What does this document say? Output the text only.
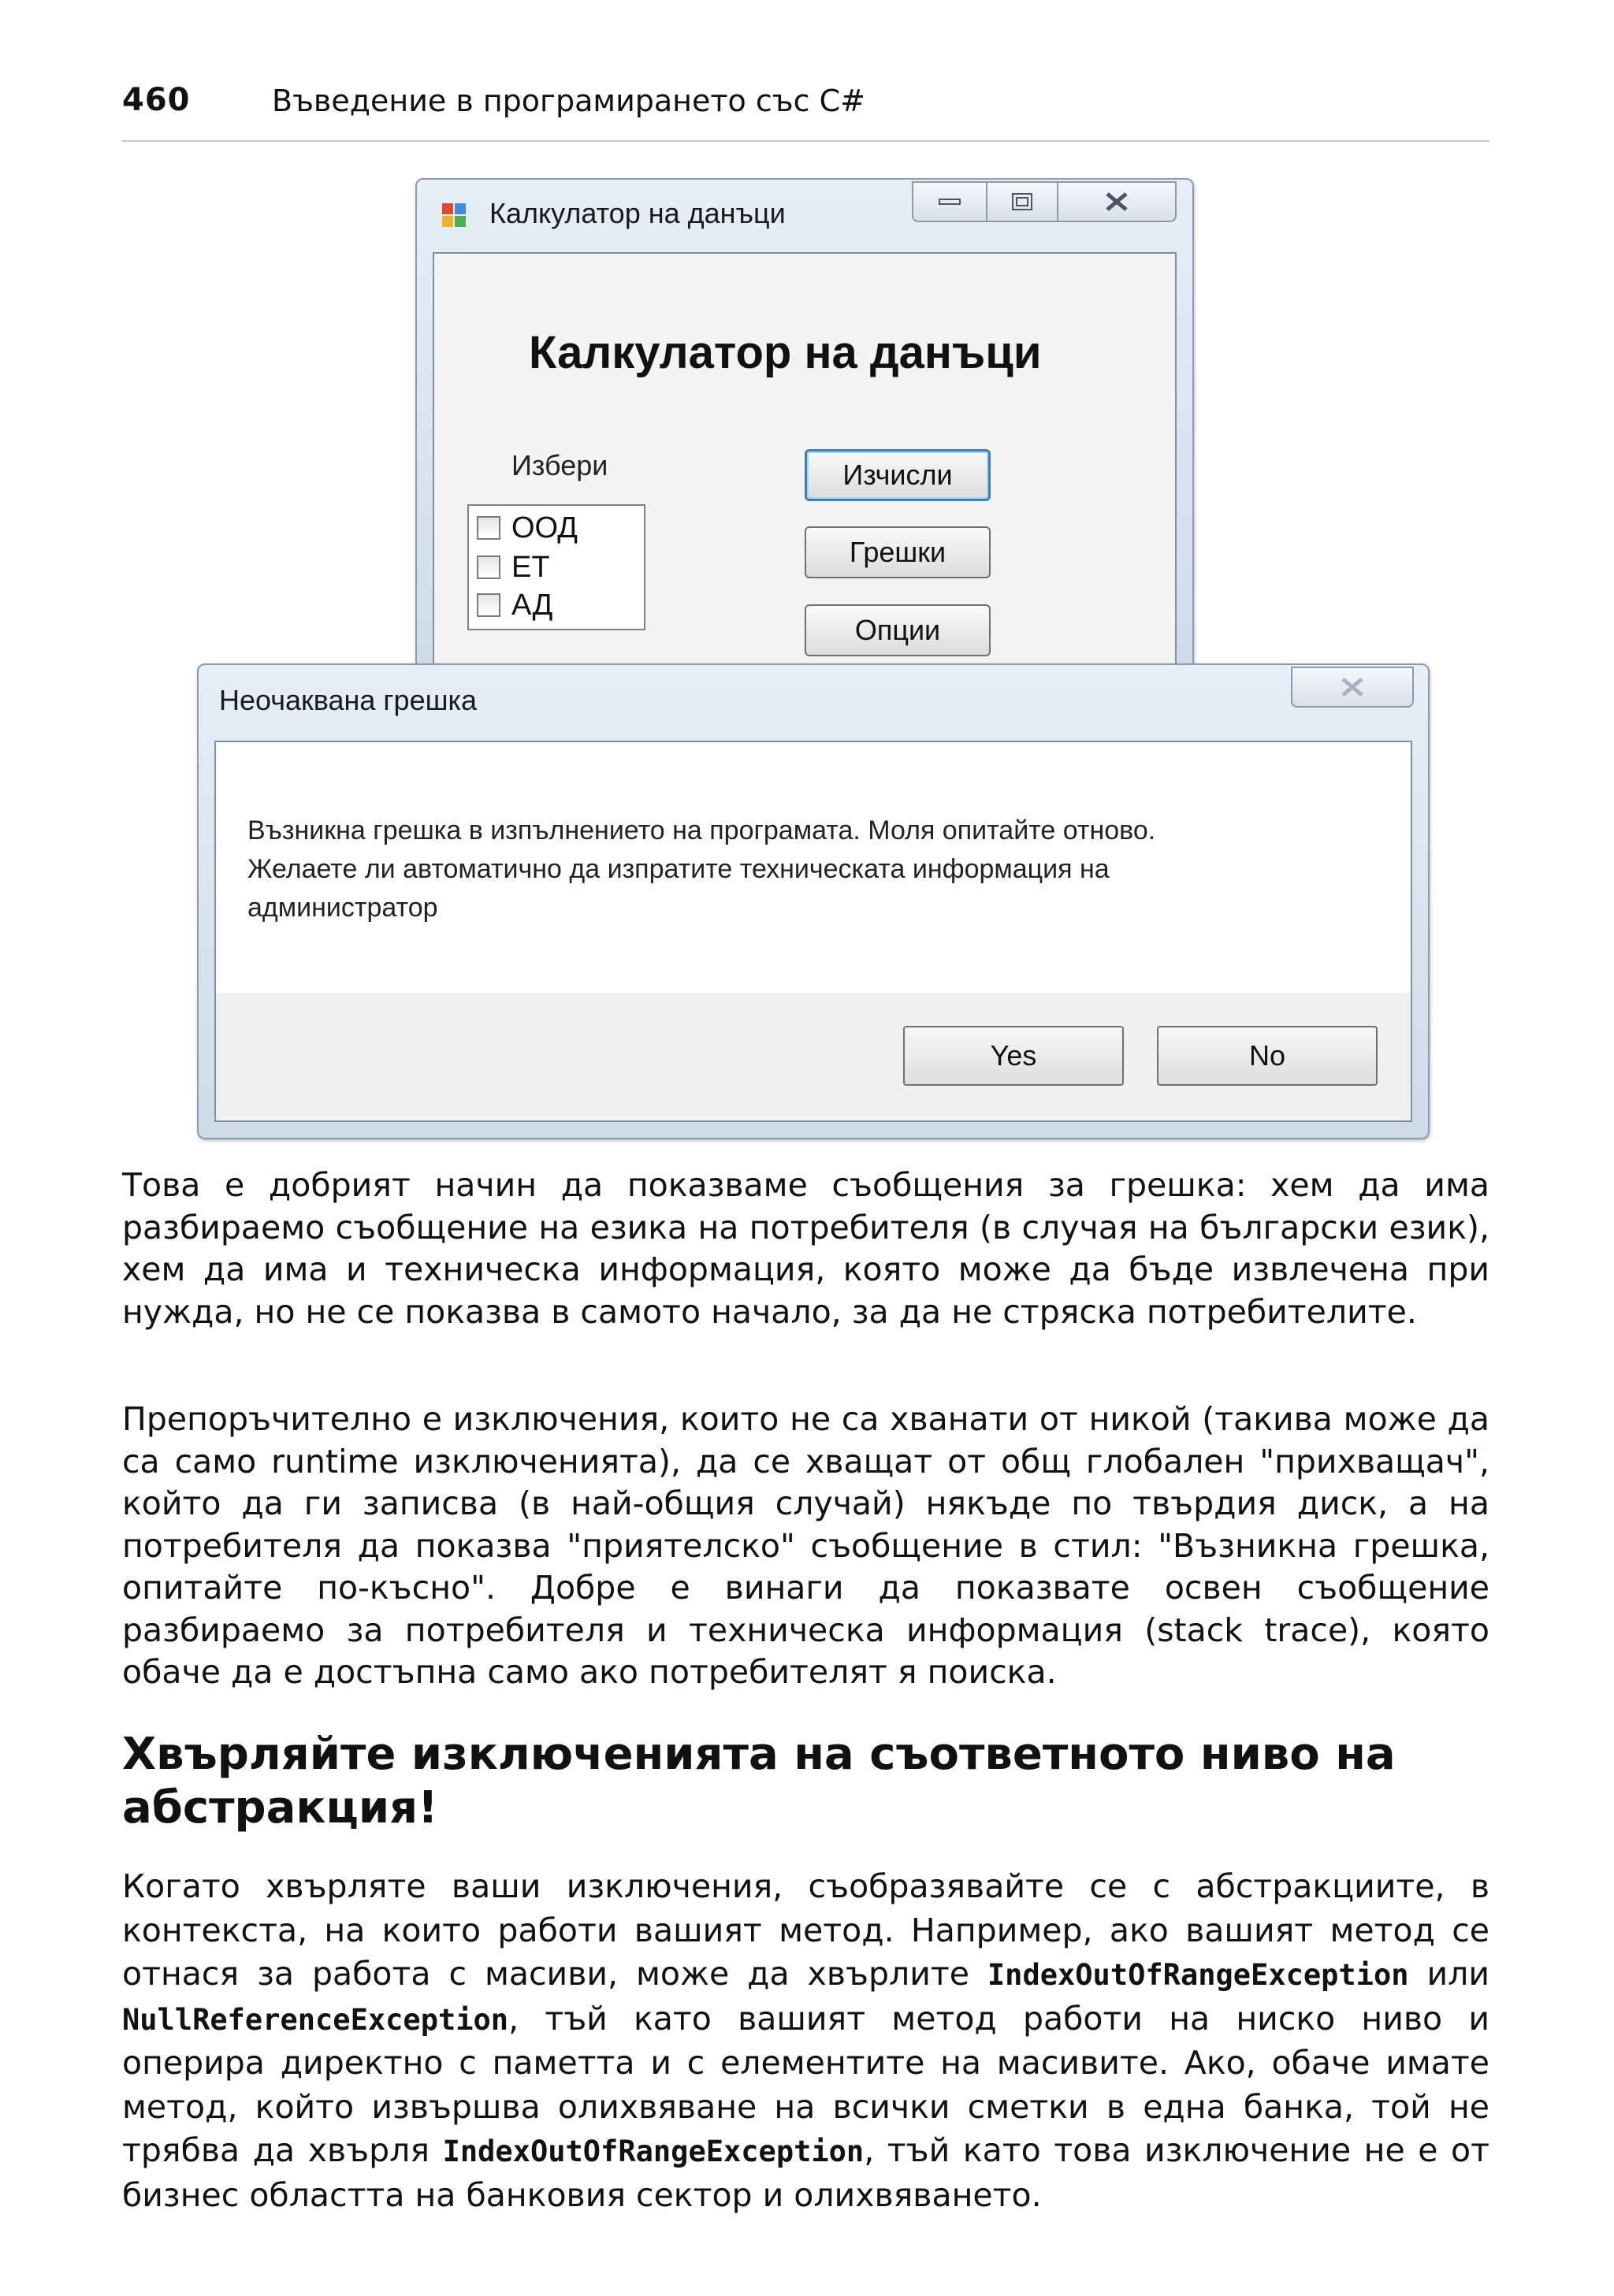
460	Въведение в програмирането със C#
Калкулатор на данъци
Калкулатор на данъци
Избери
ООД
ЕТ
АД
Изчисли
Грешки
Опции
Неочаквана грешка
Възникна грешка в изпълнението на програмата. Моля опитайте отново.
Желаете ли автоматично да изпратите техническата информация на
администратор
Yes	No

Това е добрият начин да показваме съобщения за грешка: хем да има разбираемо съобщение на езика на потребителя (в случая на български език), хем да има и техническа информация, която може да бъде извлечена при нужда, но не се показва в самото начало, за да не стряска потребителите.

Препоръчително е изключения, които не са хванати от никой (такива може да са само runtime изключенията), да се хващат от общ глобален "прихващач", който да ги записва (в най-общия случай) някъде по твърдия диск, а на потребителя да показва "приятелско" съобщение в стил: "Възникна грешка, опитайте по-късно". Добре е винаги да показвате освен съобщение разбираемо за потребителя и техническа информация (stack trace), която обаче да е достъпна само ако потребителят я поиска.

Хвърляйте изключенията на съответното ниво на абстракция!

Когато хвърляте ваши изключения, съобразявайте се с абстракциите, в контекста, на които работи вашият метод. Например, ако вашият метод се отнася за работа с масиви, може да хвърлите IndexOutOfRangeException или NullReferenceException, тъй като вашият метод работи на ниско ниво и оперира директно с паметта и с елементите на масивите. Ако, обаче имате метод, който извършва олихвяване на всички сметки в една банка, той не трябва да хвърля IndexOutOfRangeException, тъй като това изключение не е от бизнес областта на банковия сектор и олихвяването.
